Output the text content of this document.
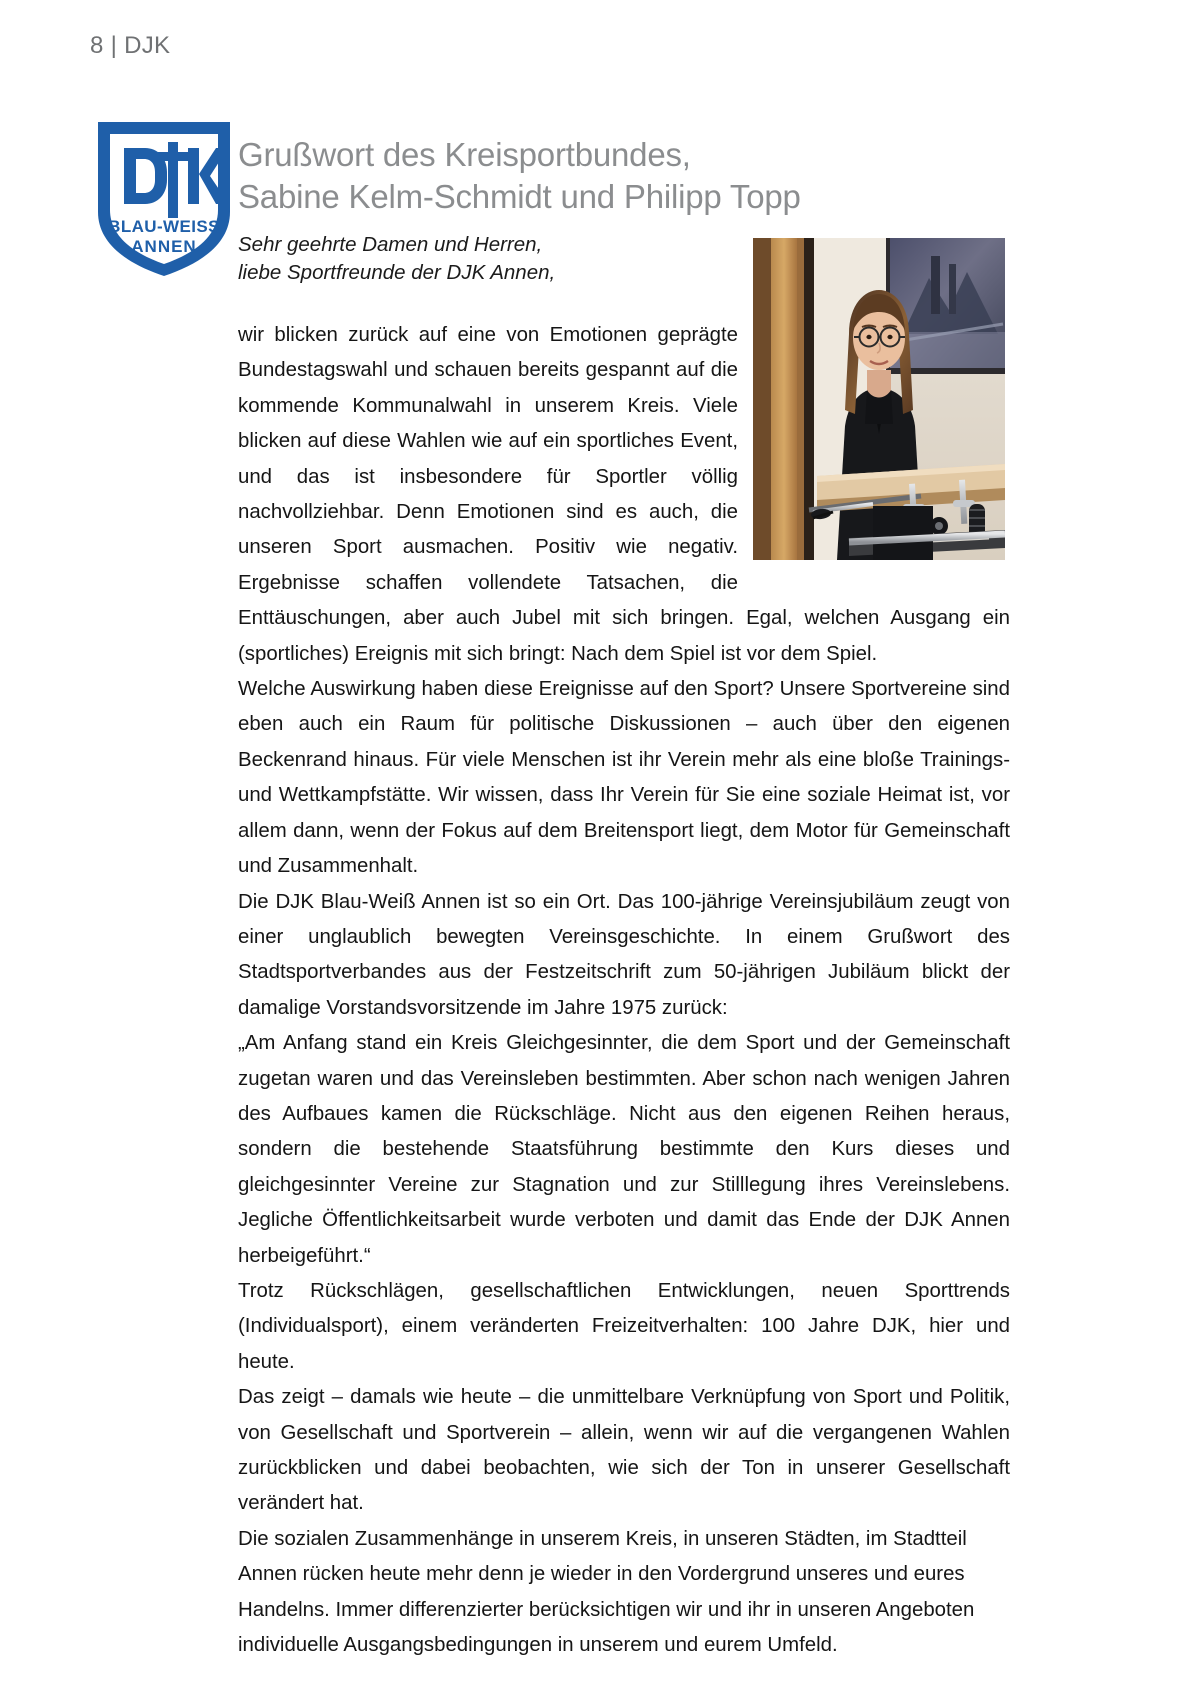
8 | DJK
BLAU-WEISS
ANNEN
Grußwort des Kreisportbundes,
Sabine Kelm-Schmidt und Philipp Topp
Sehr geehrte Damen und Herren,
liebe Sportfreunde der DJK Annen,

wir blicken zurück auf eine von Emotionen geprägte Bundestagswahl und schauen bereits gespannt auf die kommende Kommunalwahl in unserem Kreis. Viele blicken auf diese Wahlen wie auf ein sportliches Event, und das ist insbesondere für Sportler völlig nachvollziehbar. Denn Emotionen sind es auch, die unseren Sport ausmachen. Positiv wie negativ. Ergebnisse schaffen vollendete Tatsachen, die Enttäuschungen, aber auch Jubel mit sich bringen. Egal, welchen Ausgang ein (sportliches) Ereignis mit sich bringt: Nach dem Spiel ist vor dem Spiel.

Welche Auswirkung haben diese Ereignisse auf den Sport? Unsere Sportvereine sind eben auch ein Raum für politische Diskussionen – auch über den eigenen Beckenrand hinaus. Für viele Menschen ist ihr Verein mehr als eine bloße Trainings- und Wettkampfstätte. Wir wissen, dass Ihr Verein für Sie eine soziale Heimat ist, vor allem dann, wenn der Fokus auf dem Breitensport liegt, dem Motor für Gemeinschaft und Zusammenhalt.

Die DJK Blau-Weiß Annen ist so ein Ort. Das 100-jährige Vereinsjubiläum zeugt von einer unglaublich bewegten Vereinsgeschichte. In einem Grußwort des Stadtsportverbandes aus der Festzeitschrift zum 50-jährigen Jubiläum blickt der damalige Vorstandsvorsitzende im Jahre 1975 zurück:

„Am Anfang stand ein Kreis Gleichgesinnter, die dem Sport und der Gemeinschaft zugetan waren und das Vereinsleben bestimmten. Aber schon nach wenigen Jahren des Aufbaues kamen die Rückschläge. Nicht aus den eigenen Reihen heraus, sondern die bestehende Staatsführung bestimmte den Kurs dieses und gleichgesinnter Vereine zur Stagnation und zur Stilllegung ihres Vereinslebens. Jegliche Öffentlichkeitsarbeit wurde verboten und damit das Ende der DJK Annen herbeigeführt.“

Trotz Rückschlägen, gesellschaftlichen Entwicklungen, neuen Sporttrends (Individualsport), einem veränderten Freizeitverhalten: 100 Jahre DJK, hier und heute.

Das zeigt – damals wie heute – die unmittelbare Verknüpfung von Sport und Politik, von Gesellschaft und Sportverein – allein, wenn wir auf die vergangenen Wahlen zurückblicken und dabei beobachten, wie sich der Ton in unserer Gesellschaft verändert hat.

Die sozialen Zusammenhänge in unserem Kreis, in unseren Städten, im Stadtteil Annen rücken heute mehr denn je wieder in den Vordergrund unseres und eures Handelns. Immer differenzierter berücksichtigen wir und ihr in unseren Angeboten individuelle Ausgangsbedingungen in unserem und eurem Umfeld.
